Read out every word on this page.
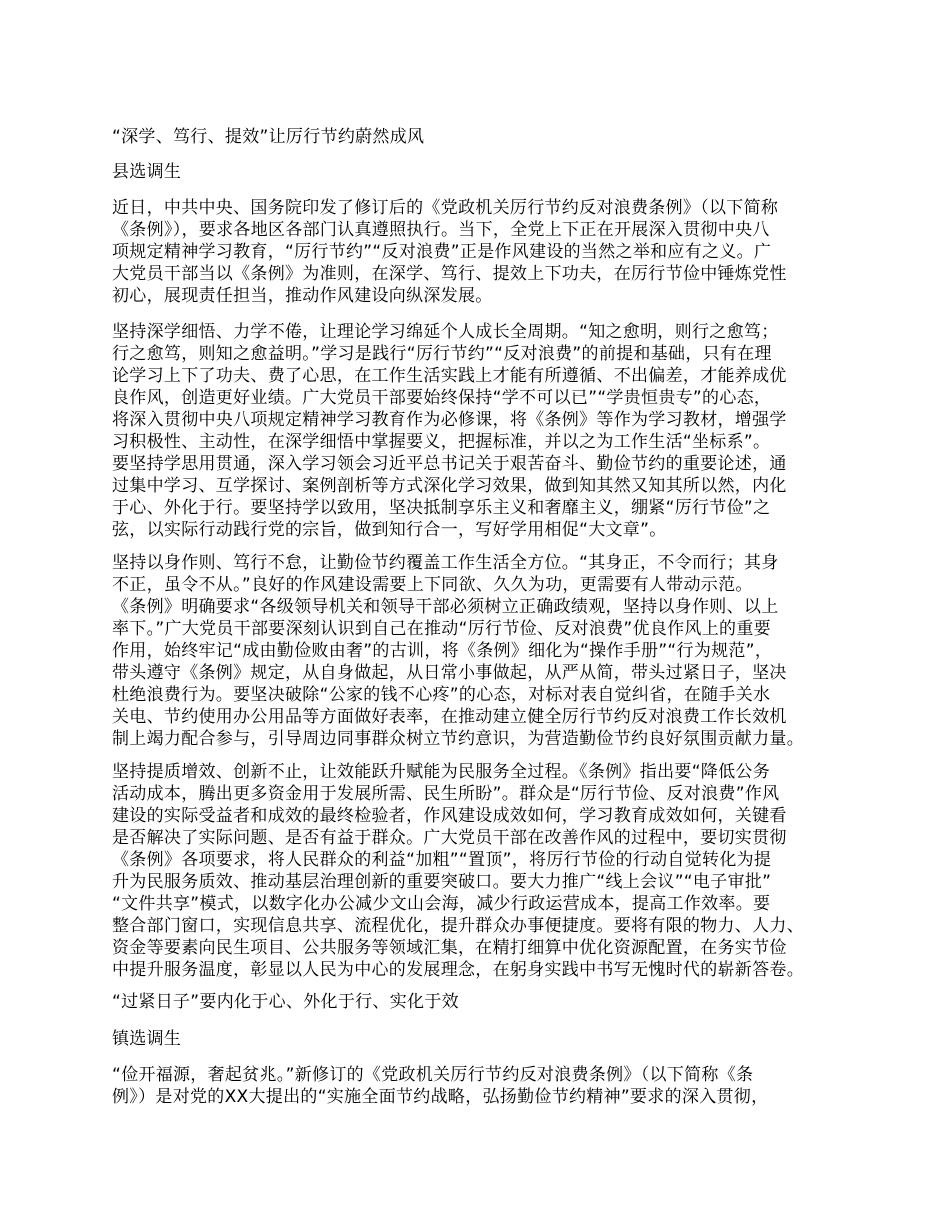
“深学、笃行、提效”让厉行节约蔚然成风
县选调生
近日，中共中央、国务院印发了修订后的《党政机关厉行节约反对浪费条例》（以下简称
《条例》），要求各地区各部门认真遵照执行。当下，全党上下正在开展深入贯彻中央八
项规定精神学习教育，“厉行节约”“反对浪费”正是作风建设的当然之举和应有之义。广
大党员干部当以《条例》为准则，在深学、笃行、提效上下功夫，在厉行节俭中锤炼党性
初心，展现责任担当，推动作风建设向纵深发展。
坚持深学细悟、力学不倦，让理论学习绵延个人成长全周期。“知之愈明，则行之愈笃；
行之愈笃，则知之愈益明。”学习是践行“厉行节约”“反对浪费”的前提和基础，只有在理
论学习上下了功夫、费了心思，在工作生活实践上才能有所遵循、不出偏差，才能养成优
良作风，创造更好业绩。广大党员干部要始终保持“学不可以已”“学贵恒贵专”的心态，
将深入贯彻中央八项规定精神学习教育作为必修课，将《条例》等作为学习教材，增强学
习积极性、主动性，在深学细悟中掌握要义，把握标准，并以之为工作生活“坐标系”。
要坚持学思用贯通，深入学习领会习近平总书记关于艰苦奋斗、勤俭节约的重要论述，通
过集中学习、互学探讨、案例剖析等方式深化学习效果，做到知其然又知其所以然，内化
于心、外化于行。要坚持学以致用，坚决抵制享乐主义和奢靡主义，绷紧“厉行节俭”之
弦，以实际行动践行党的宗旨，做到知行合一，写好学用相促“大文章”。
坚持以身作则、笃行不怠，让勤俭节约覆盖工作生活全方位。“其身正，不令而行；其身
不正，虽令不从。”良好的作风建设需要上下同欲、久久为功，更需要有人带动示范。
《条例》明确要求“各级领导机关和领导干部必须树立正确政绩观，坚持以身作则、以上
率下。”广大党员干部要深刻认识到自己在推动“厉行节俭、反对浪费”优良作风上的重要
作用，始终牢记“成由勤俭败由奢”的古训，将《条例》细化为“操作手册”“行为规范”，
带头遵守《条例》规定，从自身做起，从日常小事做起，从严从简，带头过紧日子，坚决
杜绝浪费行为。要坚决破除“公家的钱不心疼”的心态，对标对表自觉纠省，在随手关水
关电、节约使用办公用品等方面做好表率，在推动建立健全厉行节约反对浪费工作长效机
制上竭力配合参与，引导周边同事群众树立节约意识，为营造勤俭节约良好氛围贡献力量。
坚持提质增效、创新不止，让效能跃升赋能为民服务全过程。《条例》指出要“降低公务
活动成本，腾出更多资金用于发展所需、民生所盼”。群众是“厉行节俭、反对浪费”作风
建设的实际受益者和成效的最终检验者，作风建设成效如何，学习教育成效如何，关键看
是否解决了实际问题、是否有益于群众。广大党员干部在改善作风的过程中，要切实贯彻
《条例》各项要求，将人民群众的利益“加粗”“置顶”，将厉行节俭的行动自觉转化为提
升为民服务质效、推动基层治理创新的重要突破口。要大力推广“线上会议”“电子审批”
“文件共享”模式，以数字化办公减少文山会海，减少行政运营成本，提高工作效率。要
整合部门窗口，实现信息共享、流程优化，提升群众办事便捷度。要将有限的物力、人力、
资金等要素向民生项目、公共服务等领域汇集，在精打细算中优化资源配置，在务实节俭
中提升服务温度，彰显以人民为中心的发展理念，在躬身实践中书写无愧时代的崭新答卷。
“过紧日子”要内化于心、外化于行、实化于效
镇选调生
“俭开福源，奢起贫兆。”新修订的《党政机关厉行节约反对浪费条例》（以下简称《条
例》）是对党的XX大提出的“实施全面节约战略，弘扬勤俭节约精神”要求的深入贯彻，
